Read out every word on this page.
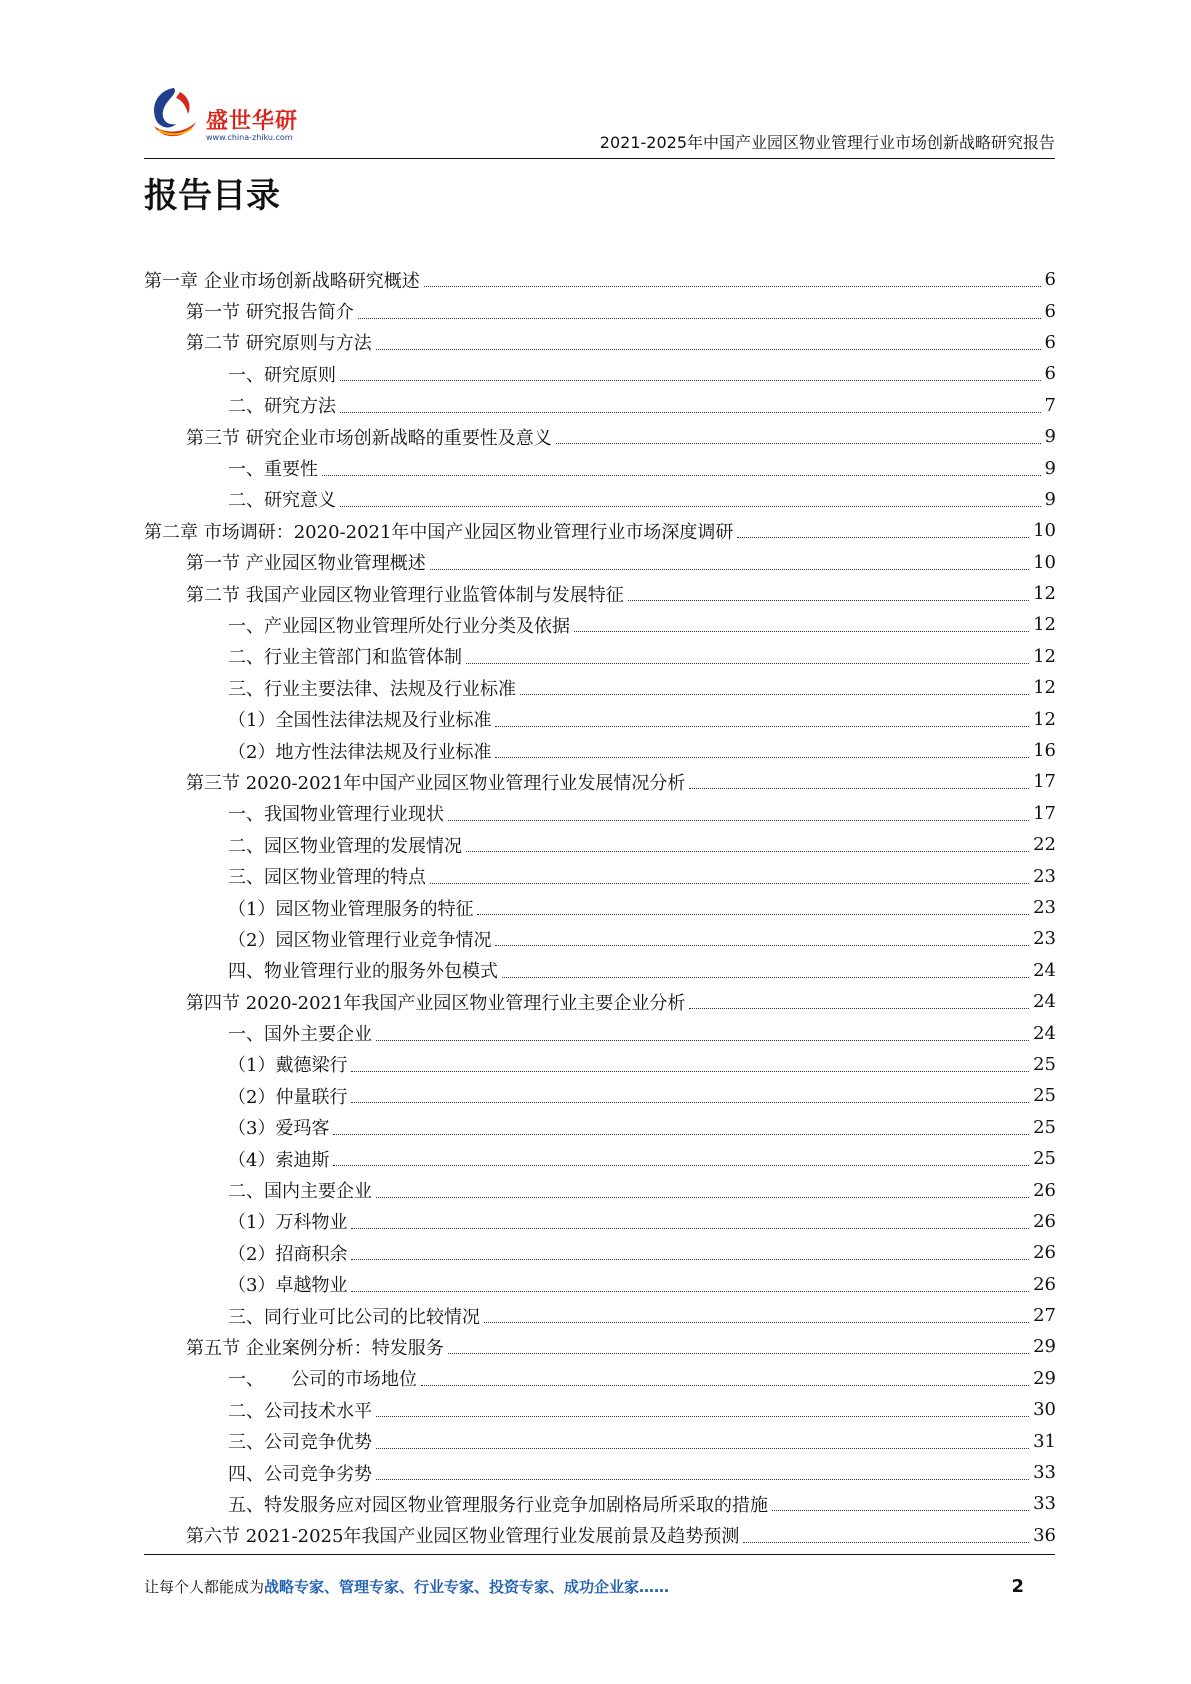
盛世华研
www.china-zhiku.com	2021-2025年中国产业园区物业管理行业市场创新战略研究报告
报告目录
第一章 企业市场创新战略研究概述	6
第一节 研究报告简介	6
第二节 研究原则与方法	6
一、研究原则	6
二、研究方法	7
第三节 研究企业市场创新战略的重要性及意义	9
一、重要性	9
二、研究意义	9
第二章 市场调研：2020-2021年中国产业园区物业管理行业市场深度调研	10
第一节 产业园区物业管理概述	10
第二节 我国产业园区物业管理行业监管体制与发展特征	12
一、产业园区物业管理所处行业分类及依据	12
二、行业主管部门和监管体制	12
三、行业主要法律、法规及行业标准	12
（1）全国性法律法规及行业标准	12
（2）地方性法律法规及行业标准	16
第三节 2020-2021年中国产业园区物业管理行业发展情况分析	17
一、我国物业管理行业现状	17
二、园区物业管理的发展情况	22
三、园区物业管理的特点	23
（1）园区物业管理服务的特征	23
（2）园区物业管理行业竞争情况	23
四、物业管理行业的服务外包模式	24
第四节 2020-2021年我国产业园区物业管理行业主要企业分析	24
一、国外主要企业	24
（1）戴德梁行	25
（2）仲量联行	25
（3）爱玛客	25
（4）索迪斯	25
二、国内主要企业	26
（1）万科物业	26
（2）招商积余	26
（3）卓越物业	26
三、同行业可比公司的比较情况	27
第五节 企业案例分析：特发服务	29
一、　　公司的市场地位	29
二、公司技术水平	30
三、公司竞争优势	31
四、公司竞争劣势	33
五、特发服务应对园区物业管理服务行业竞争加剧格局所采取的措施	33
第六节 2021-2025年我国产业园区物业管理行业发展前景及趋势预测	36
让每个人都能成为战略专家、管理专家、行业专家、投资专家、成功企业家……	2
